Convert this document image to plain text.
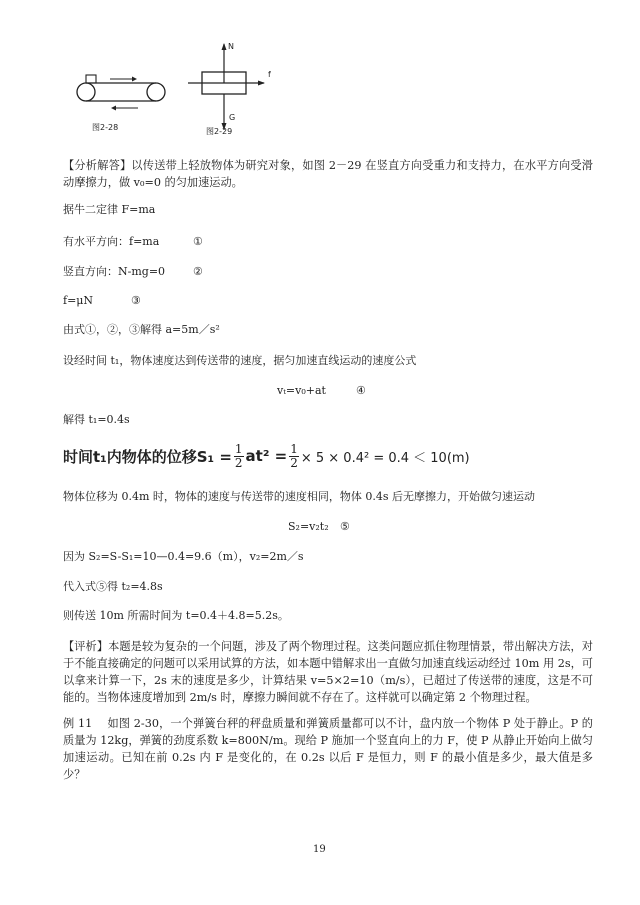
图2-28
N
f
G
图2-29
【分析解答】以传送带上轻放物体为研究对象，如图 2－29 在竖直方向受重力和支持力，在水平方向受滑动摩擦力，做 v₀=0 的匀加速运动。
据牛二定律 F=ma
有水平方向：f=ma	①
竖直方向：N-mg=0	②
f=μN	③
由式①，②，③解得 a=5m／s²
设经时间 t₁，物体速度达到传送带的速度，据匀加速直线运动的速度公式
vₜ=v₀+at	④
解得 t₁=0.4s
时间t₁内物体的位移$S_1 = \frac{1}{2} at^2 = \frac{1}{2} \times 5 \times 0.4^2 = 0.4 < 10(m)$
物体位移为 0.4m 时，物体的速度与传送带的速度相同，物体 0.4s 后无摩擦力，开始做匀速运动
S₂=v₂t₂ ⑤
因为 S₂=S-S₁=10—0.4=9.6（m），v₂=2m／s
代入式⑤得 t₂=4.8s
则传送 10m 所需时间为 t=0.4＋4.8=5.2s。
【评析】本题是较为复杂的一个问题，涉及了两个物理过程。这类问题应抓住物理情景，带出解决方法，对于不能直接确定的问题可以采用试算的方法，如本题中错解求出一直做匀加速直线运动经过 10m 用 2s，可以拿来计算一下，2s 末的速度是多少，计算结果 v=5×2=10（m/s），已超过了传送带的速度，这是不可能的。当物体速度增加到 2m/s 时，摩擦力瞬间就不存在了。这样就可以确定第 2 个物理过程。
例 11　 如图 2-30，一个弹簧台秤的秤盘质量和弹簧质量都可以不计，盘内放一个物体 P 处于静止。P 的质量为 12kg，弹簧的劲度系数 k=800N/m。现给 P 施加一个竖直向上的力 F，使 P 从静止开始向上做匀加速运动。已知在前 0.2s 内 F 是变化的，在 0.2s 以后 F 是恒力，则 F 的最小值是多少，最大值是多少？
19
